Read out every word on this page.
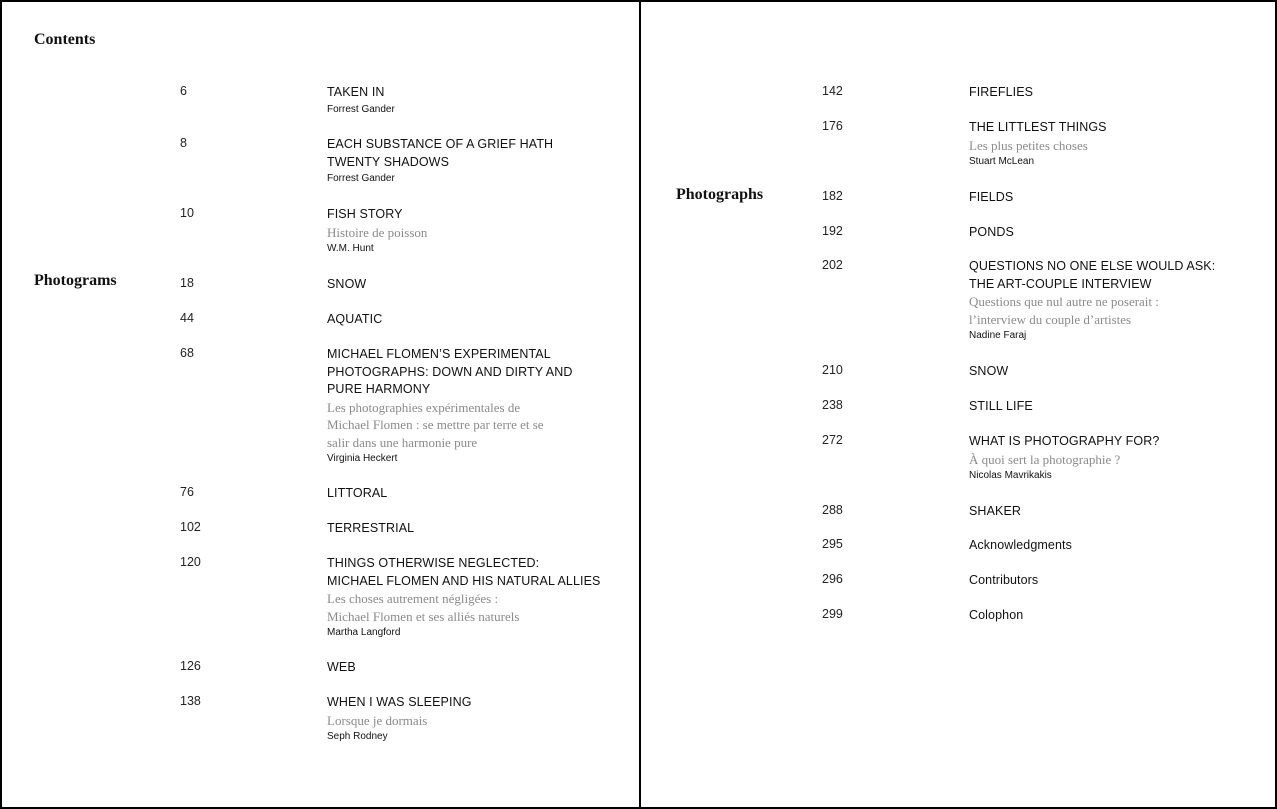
Contents
Photograms
6	TAKEN IN
Forrest Gander
8	EACH SUBSTANCE OF A GRIEF HATH
TWENTY SHADOWS
Forrest Gander
10	FISH STORY
Histoire de poisson
W.M. Hunt
18	SNOW
44	AQUATIC
68	MICHAEL FLOMEN’S EXPERIMENTAL
PHOTOGRAPHS: DOWN AND DIRTY AND
PURE HARMONY
Les photographies expérimentales de
Michael Flomen : se mettre par terre et se
salir dans une harmonie pure
Virginia Heckert
76	LITTORAL
102	TERRESTRIAL
120	THINGS OTHERWISE NEGLECTED:
MICHAEL FLOMEN AND HIS NATURAL ALLIES
Les choses autrement négligées :
Michael Flomen et ses alliés naturels
Martha Langford
126	WEB
138	WHEN I WAS SLEEPING
Lorsque je dormais
Seph Rodney
Photographs
142	FIREFLIES
176	THE LITTLEST THINGS
Les plus petites choses
Stuart McLean
182	FIELDS
192	PONDS
202	QUESTIONS NO ONE ELSE WOULD ASK:
THE ART-COUPLE INTERVIEW
Questions que nul autre ne poserait :
l’interview du couple d’artistes
Nadine Faraj
210	SNOW
238	STILL LIFE
272	WHAT IS PHOTOGRAPHY FOR?
À quoi sert la photographie ?
Nicolas Mavrikakis
288	SHAKER
295	Acknowledgments
296	Contributors
299	Colophon
